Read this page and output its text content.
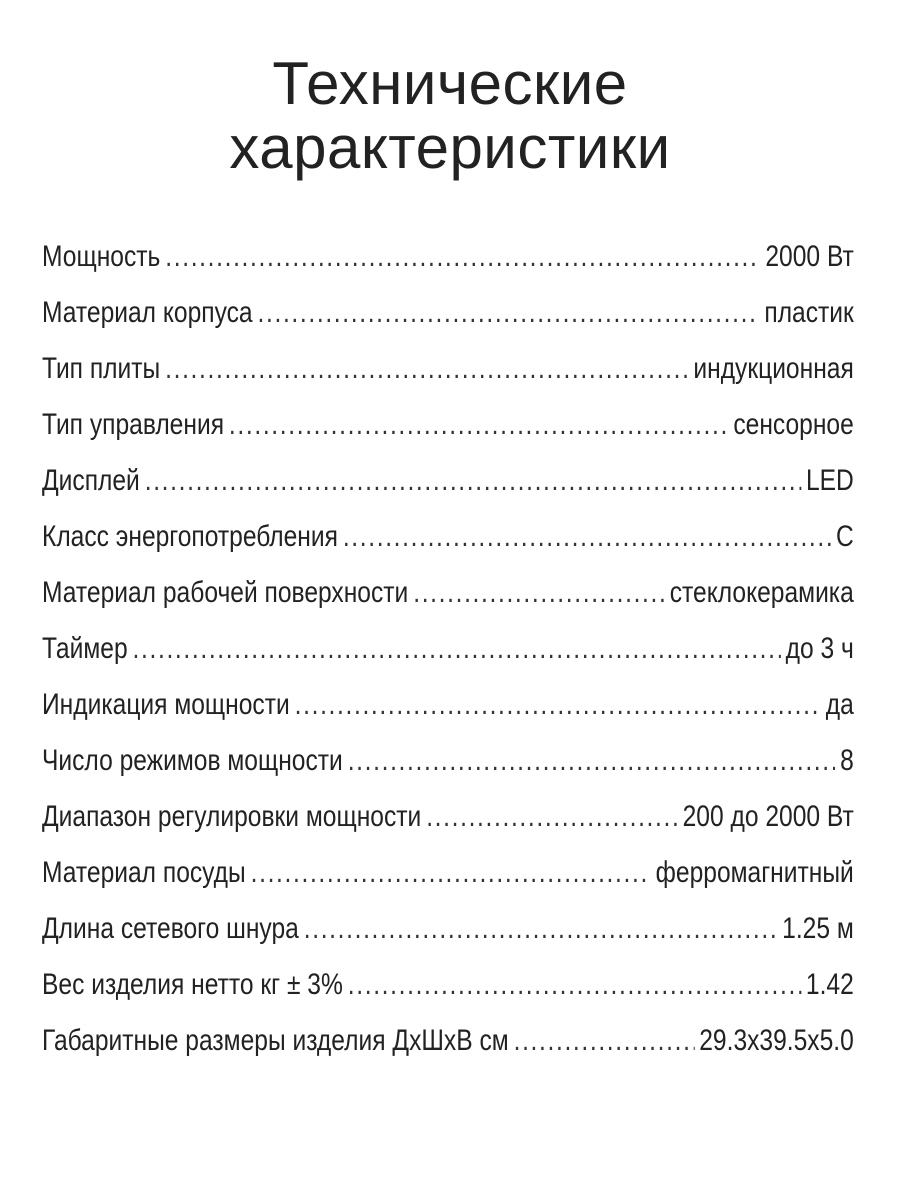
Технические
характеристики
Мощность .....	2000 Вт
Материал корпуса .....	пластик
Тип плиты .....	индукционная
Тип управления .....	сенсорное
Дисплей .....	LED
Класс энергопотребления .....	C
Материал рабочей поверхности .....	стеклокерамика
Таймер .....	до 3 ч
Индикация мощности .....	да
Число режимов мощности .....	8
Диапазон регулировки мощности .....	200 до 2000 Вт
Материал посуды .....	ферромагнитный
Длина сетевого шнура .....	1.25 м
Вес изделия нетто кг ± 3% .....	1.42
Габаритные размеры изделия ДхШхВ см .....	29.3x39.5x5.0
